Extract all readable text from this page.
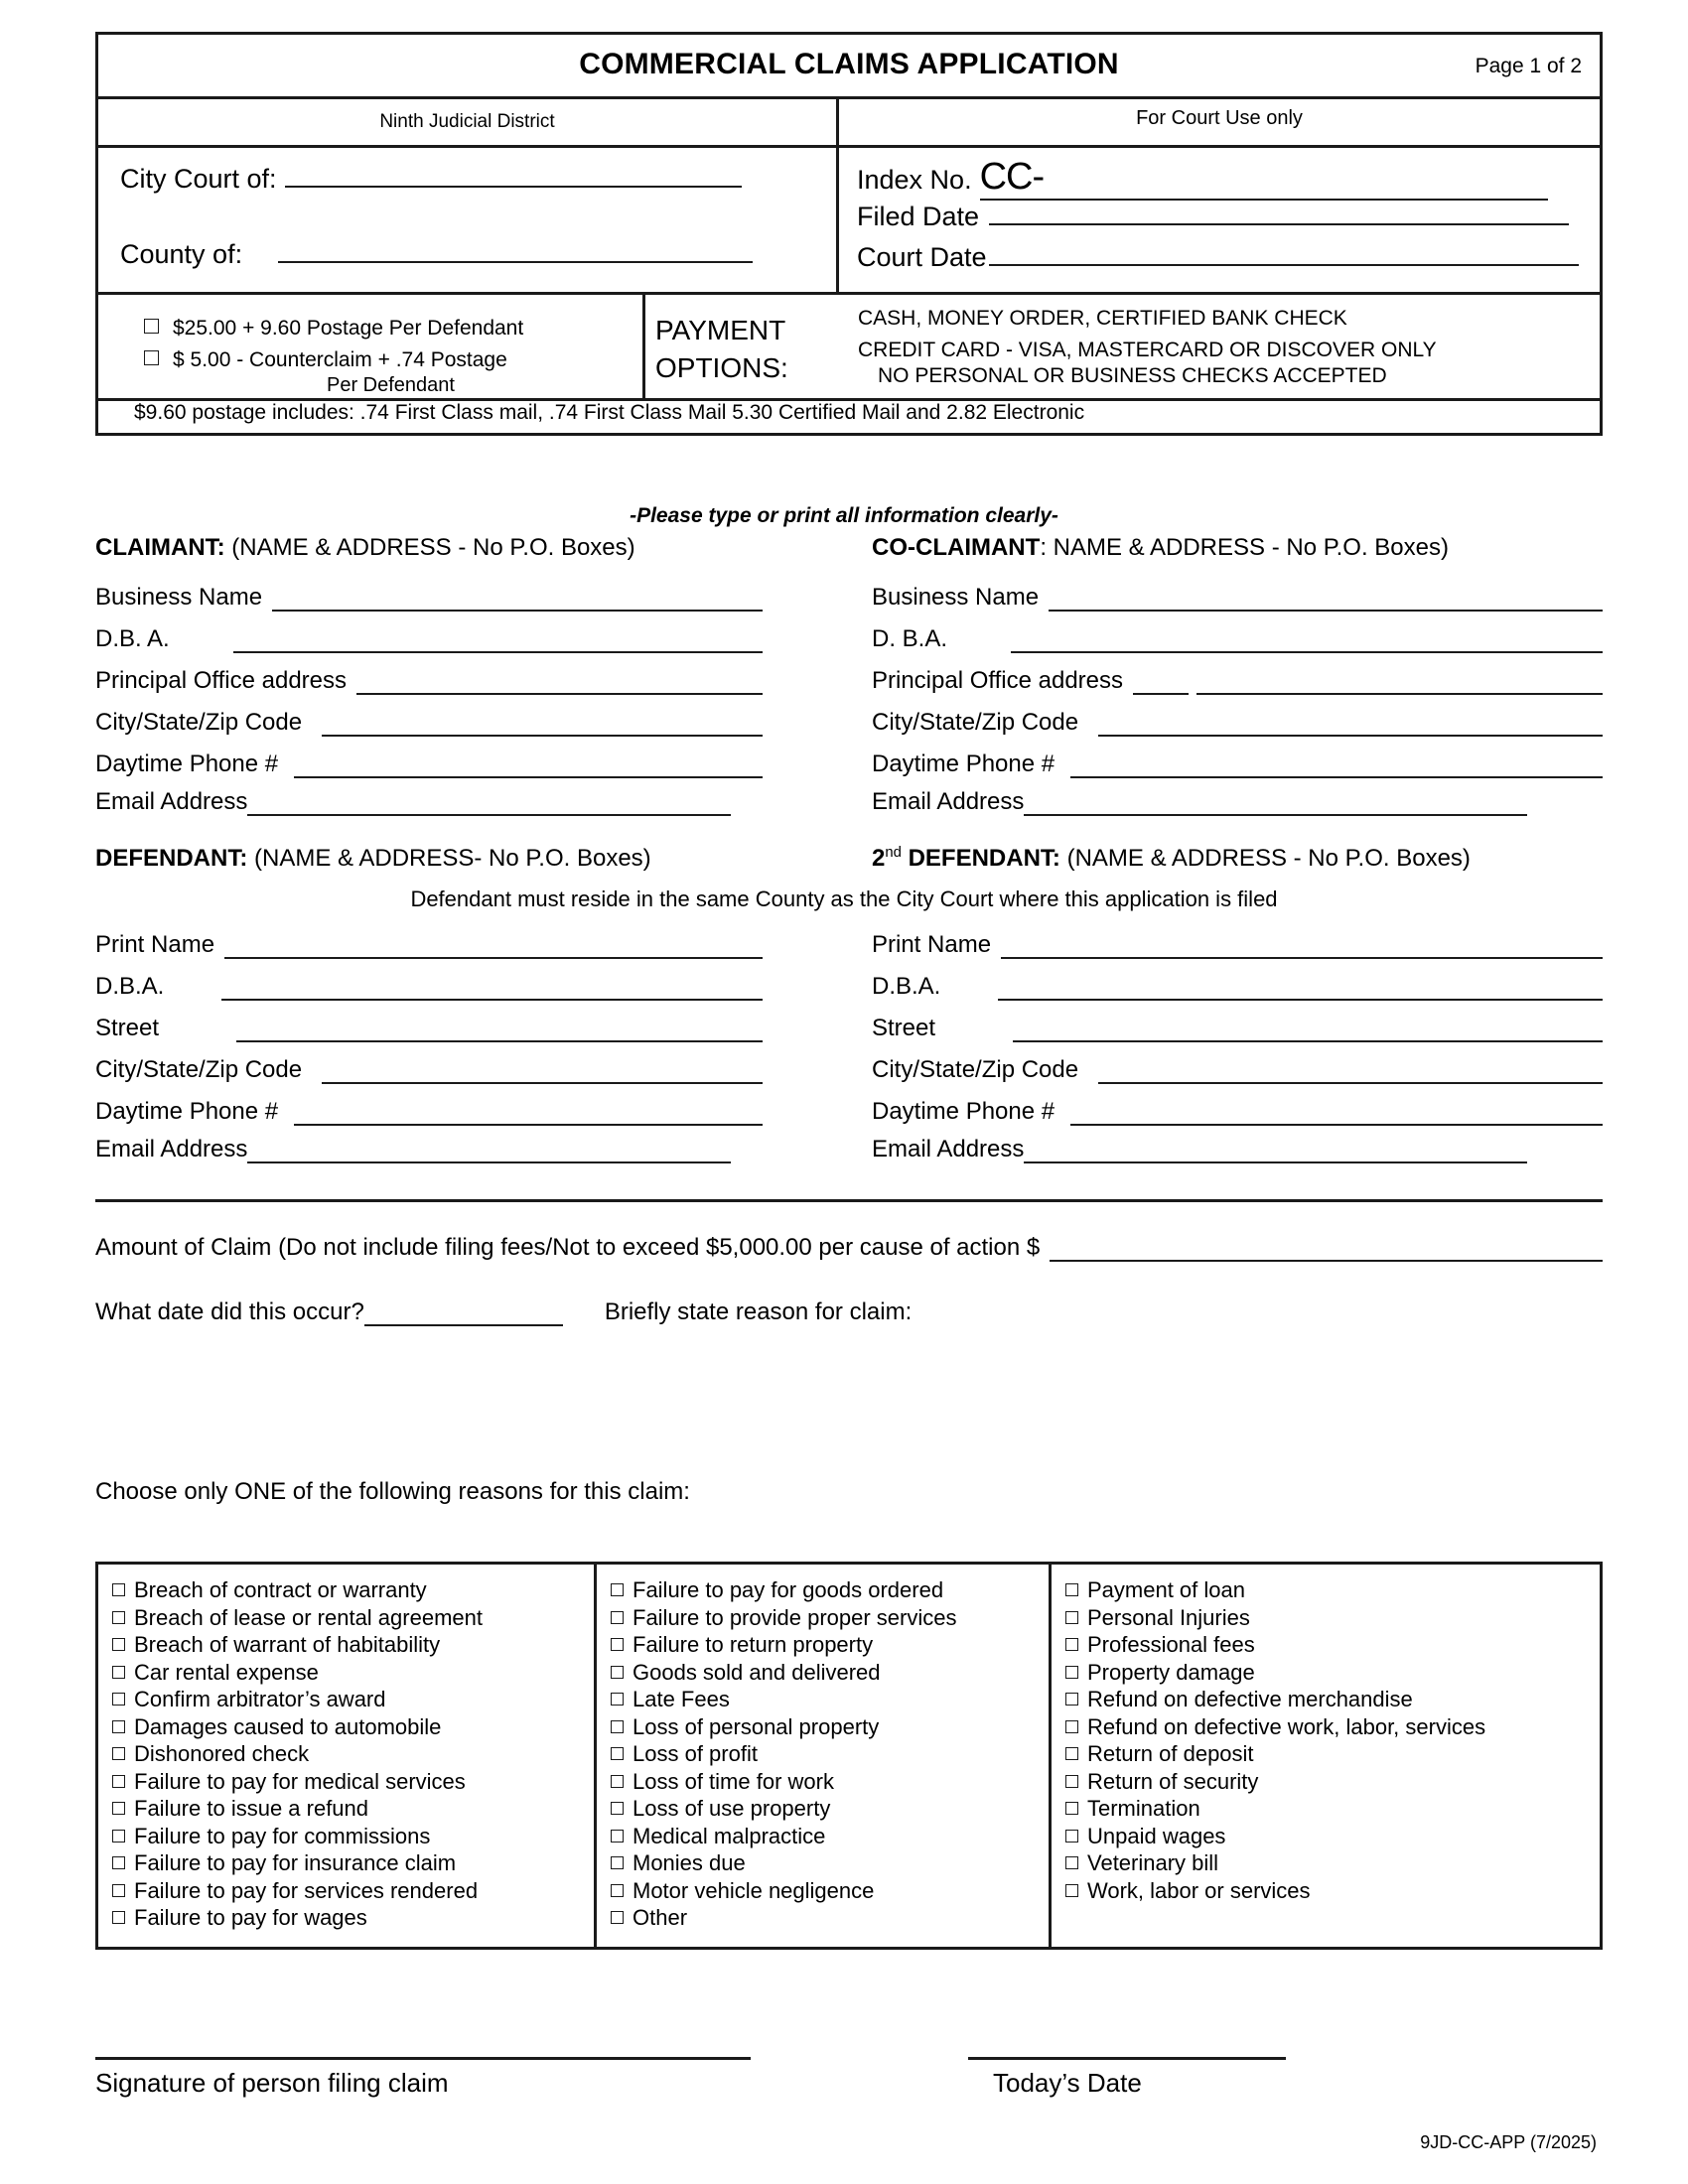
COMMERCIAL CLAIMS APPLICATION	Page 1 of 2
Ninth Judicial District	For Court Use only
City Court of:
County of:
Index No. CC-
Filed Date
Court Date
$25.00 + 9.60 Postage Per Defendant
$ 5.00 - Counterclaim + .74 Postage
Per Defendant
PAYMENT
OPTIONS:
CASH, MONEY ORDER, CERTIFIED BANK CHECK
CREDIT CARD - VISA, MASTERCARD OR DISCOVER ONLY
NO PERSONAL OR BUSINESS CHECKS ACCEPTED
$9.60 postage includes: .74 First Class mail, .74 First Class Mail 5.30 Certified Mail and 2.82 Electronic
-Please type or print all information clearly-
CLAIMANT: (NAME & ADDRESS - No P.O. Boxes)
Business Name
D.B. A.
Principal Office address
City/State/Zip Code
Daytime Phone #
Email Address
CO-CLAIMANT: NAME & ADDRESS - No P.O. Boxes)
Business Name
D. B.A.
Principal Office address
City/State/Zip Code
Daytime Phone #
Email Address
DEFENDANT: (NAME & ADDRESS- No P.O. Boxes)	2nd DEFENDANT: (NAME & ADDRESS - No P.O. Boxes)
Defendant must reside in the same County as the City Court where this application is filed
Print Name
D.B.A.
Street
City/State/Zip Code
Daytime Phone #
Email Address
Print Name
D.B.A.
Street
City/State/Zip Code
Daytime Phone #
Email Address
Amount of Claim (Do not include filing fees/Not to exceed $5,000.00 per cause of action $
What date did this occur?	Briefly state reason for claim:
Choose only ONE of the following reasons for this claim:
Breach of contract or warranty
Breach of lease or rental agreement
Breach of warrant of habitability
Car rental expense
Confirm arbitrator’s award
Damages caused to automobile
Dishonored check
Failure to pay for medical services
Failure to issue a refund
Failure to pay for commissions
Failure to pay for insurance claim
Failure to pay for services rendered
Failure to pay for wages
Failure to pay for goods ordered
Failure to provide proper services
Failure to return property
Goods sold and delivered
Late Fees
Loss of personal property
Loss of profit
Loss of time for work
Loss of use property
Medical malpractice
Monies due
Motor vehicle negligence
Other
Payment of loan
Personal Injuries
Professional fees
Property damage
Refund on defective merchandise
Refund on defective work, labor, services
Return of deposit
Return of security
Termination
Unpaid wages
Veterinary bill
Work, labor or services
Signature of person filing claim	Today’s Date
9JD-CC-APP (7/2025)
